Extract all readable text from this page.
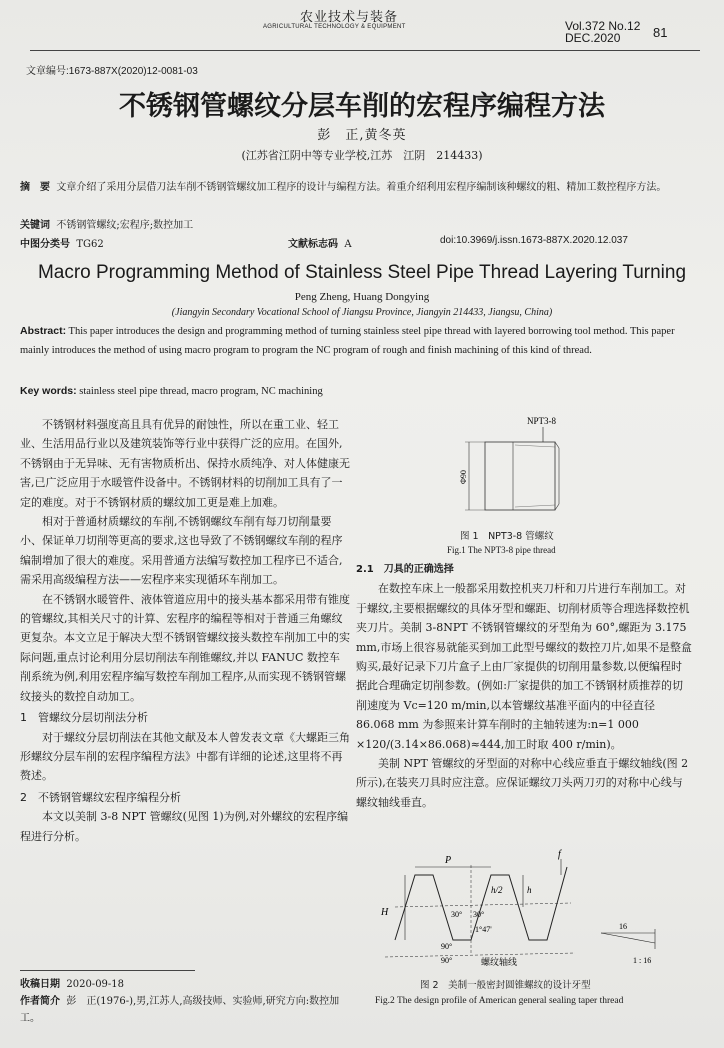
农业技术与装备
AGRICULTURAL TECHNOLOGY & EQUIPMENT	Vol.372 No.12
DEC.2020	81
文章编号:1673-887X(2020)12-0081-03
不锈钢管螺纹分层车削的宏程序编程方法
彭　正,黄冬英
(江苏省江阴中等专业学校,江苏　江阴　214433)
摘　要 文章介绍了采用分层借刀法车削不锈钢管螺纹加工程序的设计与编程方法。着重介绍利用宏程序编制该种螺纹的粗、精加工数控程序方法。
关键词 不锈钢管螺纹;宏程序;数控加工
中图分类号 TG62	文献标志码 A	doi:10.3969/j.issn.1673-887X.2020.12.037
Macro Programming Method of Stainless Steel Pipe Thread Layering Turning
Peng Zheng, Huang Dongying
(Jiangyin Secondary Vocational School of Jiangsu Province, Jiangyin 214433, Jiangsu, China)
Abstract: This paper introduces the design and programming method of turning stainless steel pipe thread with layered borrowing tool method. This paper mainly introduces the method of using macro program to program the NC program of rough and finish machining of this kind of thread.
Key words: stainless steel pipe thread, macro program, NC machining

不锈钢材料强度高且具有优异的耐蚀性，所以在重工业、轻工业、生活用品行业以及建筑装饰等行业中获得广泛的应用。在国外,不锈钢由于无异味、无有害物质析出、保持水质纯净、对人体健康无害,已广泛应用于水暖管件设备中。不锈钢材料的切削加工具有了一定的难度。对于不锈钢材质的螺纹加工更是难上加难。

相对于普通材质螺纹的车削,不锈钢螺纹车削有每刀切削量要小、保证单刀切削等更高的要求,这也导致了不锈钢螺纹车削的程序编制增加了很大的难度。采用普通方法编写数控加工程序已不适合,需采用高级编程方法——宏程序来实现循环车削加工。

在不锈钢水暖管件、液体管道应用中的接头基本都采用带有锥度的管螺纹,其相关尺寸的计算、宏程序的编程等相对于普通三角螺纹更复杂。本文立足于解决大型不锈钢管螺纹接头数控车削加工中的实际问题,重点讨论利用分层切削法车削锥螺纹,并以 FANUC 数控车削系统为例,利用宏程序编写数控车削加工程序,从而实现不锈钢管螺纹接头的数控自动加工。

1　管螺纹分层切削法分析

对于螺纹分层切削法在其他文献及本人曾发表文章《大螺距三角形螺纹分层车削的宏程序编程方法》中都有详细的论述,这里将不再赘述。

2　不锈钢管螺纹宏程序编程分析

本文以美制 3-8 NPT 管螺纹(见图 1)为例,对外螺纹的宏程序编程进行分析。

收稿日期 2020-09-18
作者简介 彭　正(1976-),男,江苏人,高级技师、实验师,研究方向:数控加工。
NPT3-8
Φ90
图 1　NPT3-8 管螺纹
Fig.1 The NPT3-8 pipe thread
2.1　刀具的正确选择

在数控车床上一般都采用数控机夹刀杆和刀片进行车削加工。对于螺纹,主要根据螺纹的具体牙型和螺距、切削材质等合理选择数控机夹刀片。美制 3-8NPT 不锈钢管螺纹的牙型角为 60°,螺距为 3.175 mm,市场上很容易就能买到加工此型号螺纹的数控刀片,如果不是整盒购买,最好记录下刀片盒子上由厂家提供的切削用量参数,以便编程时据此合理确定切削参数。(例如:厂家提供的加工不锈钢材质推荐的切削速度为 Vc=120 m/min,以本管螺纹基准平面内的中径直径 86.068 mm 为参照来计算车削时的主轴转速为:n=1 000 ×120/(3.14×86.068)≈444,加工时取 400 r/min)。

美制 NPT 管螺纹的牙型面的对称中心线应垂直于螺纹轴线(图 2 所示),在装夹刀具时应注意。应保证螺纹刀头两刀刃的对称中心线与螺纹轴线垂直。

P
f
h/2	h
H	30° 30°
1°47'
90°
90°	螺纹轴线
16
1 : 16
图 2　美制一般密封圆锥螺纹的设计牙型
Fig.2 The design profile of American general sealing taper thread
